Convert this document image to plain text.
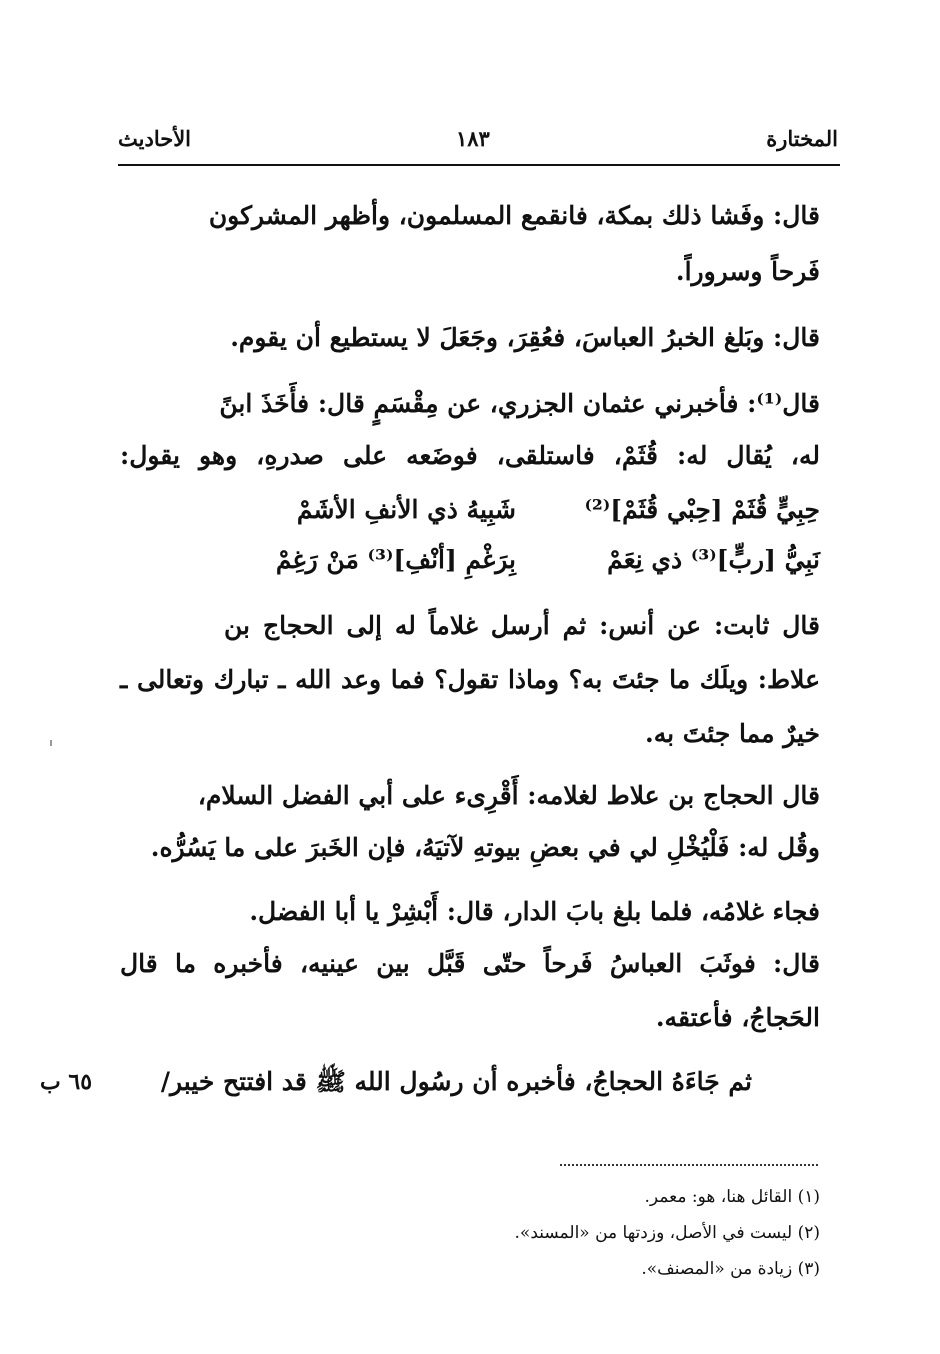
المختارة
١٨٣
الأحاديث
قال: وفَشا ذلك بمكة، فانقمع المسلمون، وأظهر المشركون
فَرحاً وسروراً.
قال: وبَلغ الخبرُ العباسَ، فعُقِرَ، وجَعَلَ لا يستطيع أن يقوم.
قال⁽¹⁾: فأخبرني عثمان الجزري، عن مِقْسَمٍ قال: فأَخَذَ ابنً
له، يُقال له: قُثَمْ، فاستلقى، فوضَعه على صدرهِ، وهو يقول:
حِبِيٍّ قُثَمْ [حِبْي قُثَمْ]⁽²⁾
شَبِيهُ ذي الأنفِ الأشَمْ
نَبِيُّ [ربٍّ]⁽³⁾ ذي نِعَمْ
بِرَغْمِ [أنْفِ]⁽³⁾ مَنْ رَغِمْ
قال ثابت: عن أنس: ثم أرسل غلاماً له إلى الحجاج بن
علاط: ويلَك ما جئتَ به؟ وماذا تقول؟ فما وعد الله ـ تبارك وتعالى ـ
خيرٌ مما جئتَ به.
قال الحجاج بن علاط لغلامه: أَقْرِىء على أبي الفضل السلام،
وقُل له: فَلْيُخْلِ لي في بعضِ بيوتهِ لآتيَهُ، فإن الخَبرَ على ما يَسُرُّه.
فجاء غلامُه، فلما بلغ بابَ الدار، قال: أَبْشِرْ يا أبا الفضل.
قال: فوثَبَ العباسُ فَرحاً حتّى قَبَّل بين عينيه، فأخبره ما قال
الحَجاجُ، فأعتقه.
ثم جَاءَهُ الحجاجُ، فأخبره أن رسُول الله ﷺ قد افتتح خيبر/
٦٥ ب
(١) القائل هنا، هو: معمر.
(٢) ليست في الأصل، وزدتها من «المسند».
(٣) زيادة من «المصنف».
